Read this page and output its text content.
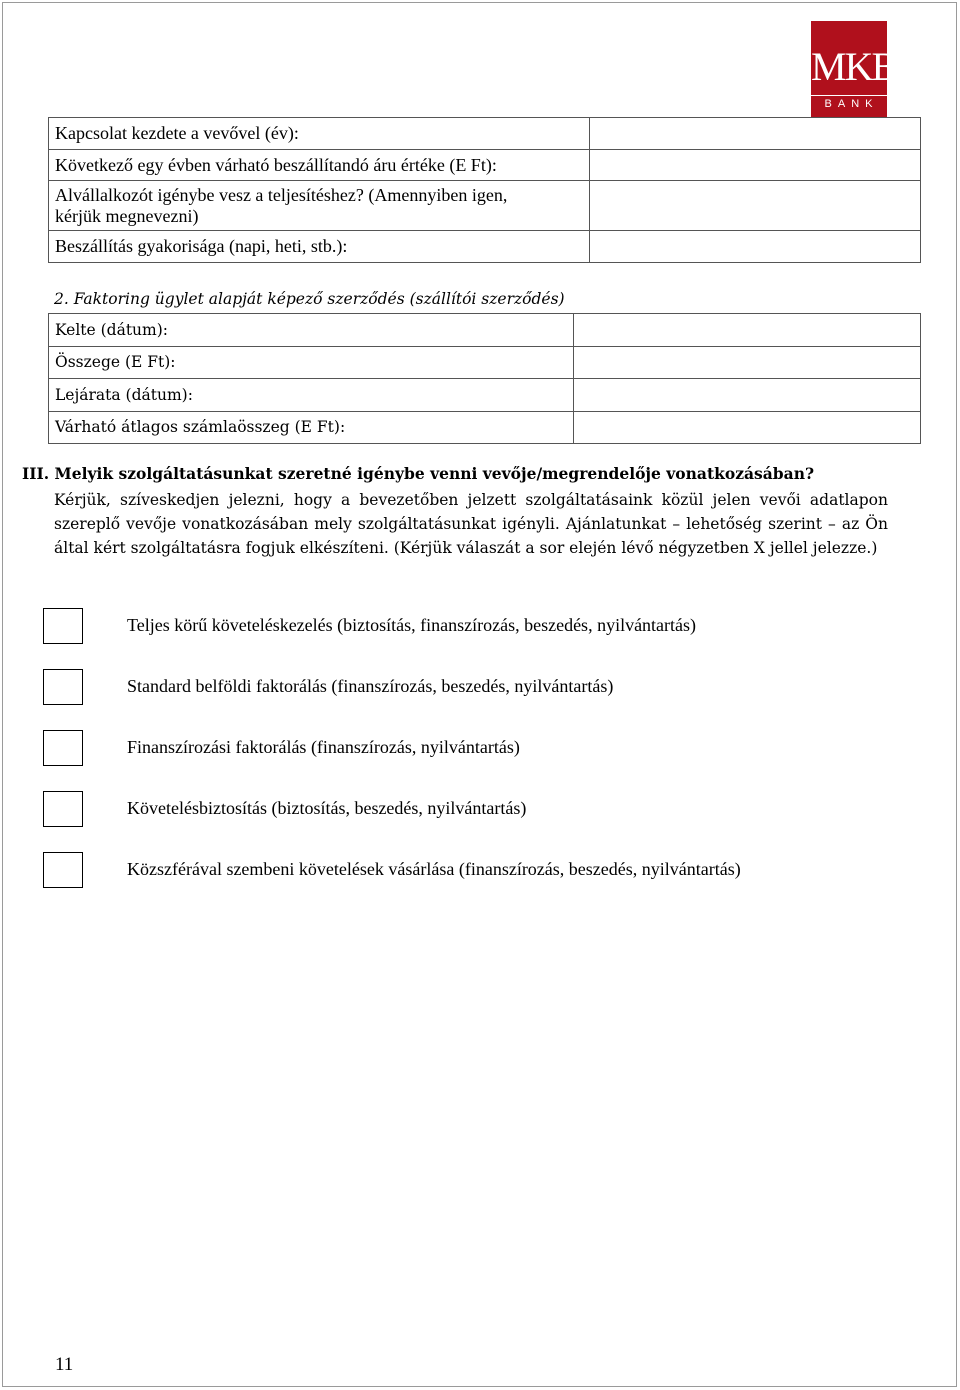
MKB
BANK
Kapcsolat kezdete a vevővel (év):	
Következő egy évben várható beszállítandó áru értéke (E Ft):	

Alvállalkozót igénybe vesz a teljesítéshez? (Amennyiben igen,
kérjük megnevezni)	

Beszállítás gyakorisága (napi, heti, stb.):	
2. Faktoring ügylet alapját képező szerződés (szállítói szerződés)
Kelte (dátum):	
Összege (E Ft):	
Lejárata (dátum):	
Várható átlagos számlaösszeg (E Ft):	
III. Melyik szolgáltatásunkat szeretné igénybe venni vevője/megrendelője vonatkozásában?
Kérjük, szíveskedjen jelezni, hogy a bevezetőben jelzett szolgáltatásaink közül jelen vevői adatlapon szereplő vevője vonatkozásában mely szolgáltatásunkat igényli. Ajánlatunkat – lehetőség szerint – az Ön által kért szolgáltatásra fogjuk elkészíteni. (Kérjük válaszát a sor elején lévő négyzetben X jellel jelezze.)
Teljes körű követeléskezelés (biztosítás, finanszírozás, beszedés, nyilvántartás)
Standard belföldi faktorálás (finanszírozás, beszedés, nyilvántartás)
Finanszírozási faktorálás (finanszírozás, nyilvántartás)
Követelésbiztosítás (biztosítás, beszedés, nyilvántartás)
Közszférával szembeni követelések vásárlása (finanszírozás, beszedés, nyilvántartás)
11
